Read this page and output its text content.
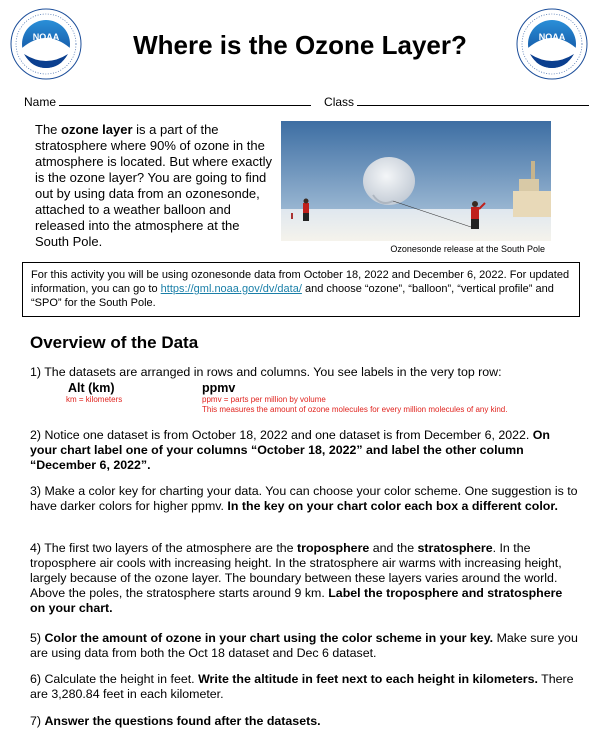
NOAA	NOAA
Where is the Ozone Layer?
Name	Class
The ozone layer is a part of the stratosphere where 90% of ozone in the atmosphere is located. But where exactly is the ozone layer? You are going to find out by using data from an ozonesonde, attached to a weather balloon and released into the atmosphere at the South Pole.	Ozonesonde release at the South Pole
For this activity you will be using ozonesonde data from October 18, 2022 and December 6, 2022. For updated information, you can go to https://gml.noaa.gov/dv/data/ and choose “ozone”, “balloon”, “vertical profile” and “SPO” for the South Pole.
Overview of the Data
1) The datasets are arranged in rows and columns. You see labels in the very top row:
Alt (km)
km = kilometers
ppmv
ppmv = parts per million by volume
This measures the amount of ozone molecules for every million molecules of any kind.
2) Notice one dataset is from October 18, 2022 and one dataset is from December 6, 2022. On your chart label one of your columns “October 18, 2022” and label the other column “December 6, 2022”.
3) Make a color key for charting your data. You can choose your color scheme. One suggestion is to have darker colors for higher ppmv. In the key on your chart color each box a different color.
4) The first two layers of the atmosphere are the troposphere and the stratosphere. In the troposphere air cools with increasing height. In the stratosphere air warms with increasing height, largely because of the ozone layer. The boundary between these layers varies around the world. Above the poles, the stratosphere starts around 9 km. Label the troposphere and stratosphere on your chart.
5) Color the amount of ozone in your chart using the color scheme in your key. Make sure you are using data from both the Oct 18 dataset and Dec 6 dataset.
6) Calculate the height in feet. Write the altitude in feet next to each height in kilometers. There are 3,280.84 feet in each kilometer.
7) Answer the questions found after the datasets.
